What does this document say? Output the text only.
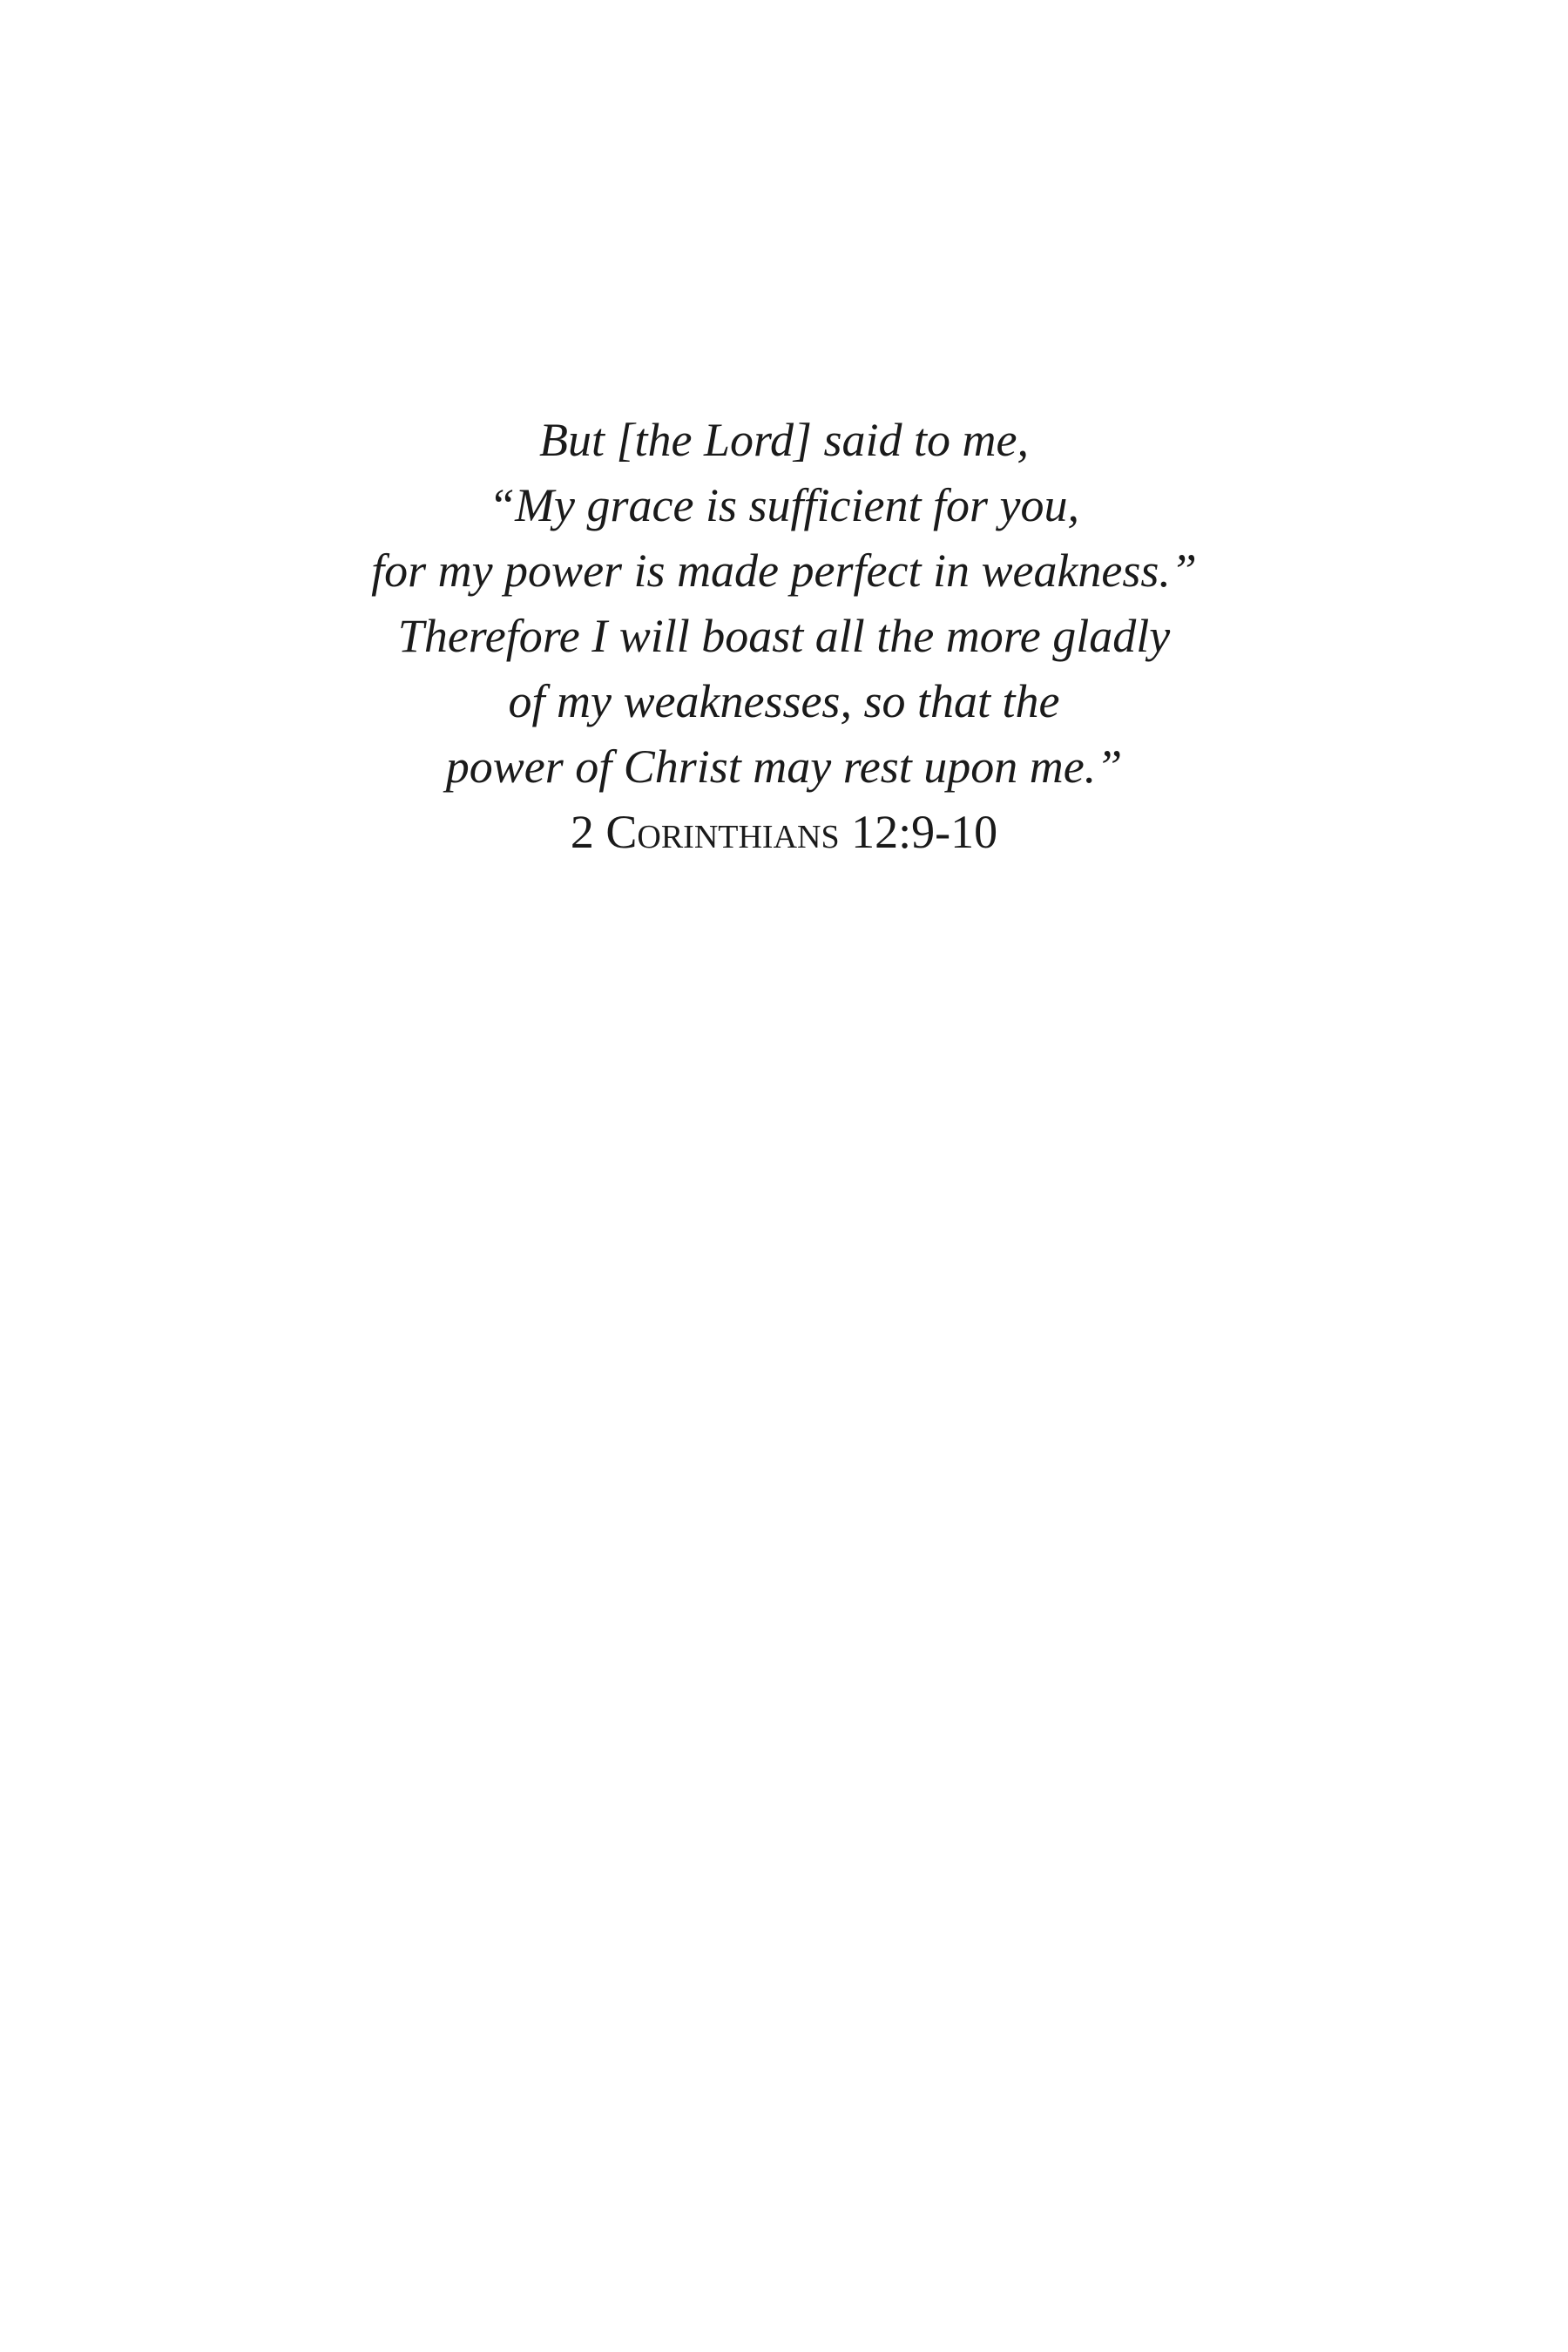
But [the Lord] said to me,
“My grace is sufficient for you,
for my power is made perfect in weakness.”
Therefore I will boast all the more gladly
of my weaknesses, so that the
power of Christ may rest upon me.”
2 Corinthians 12:9-10
